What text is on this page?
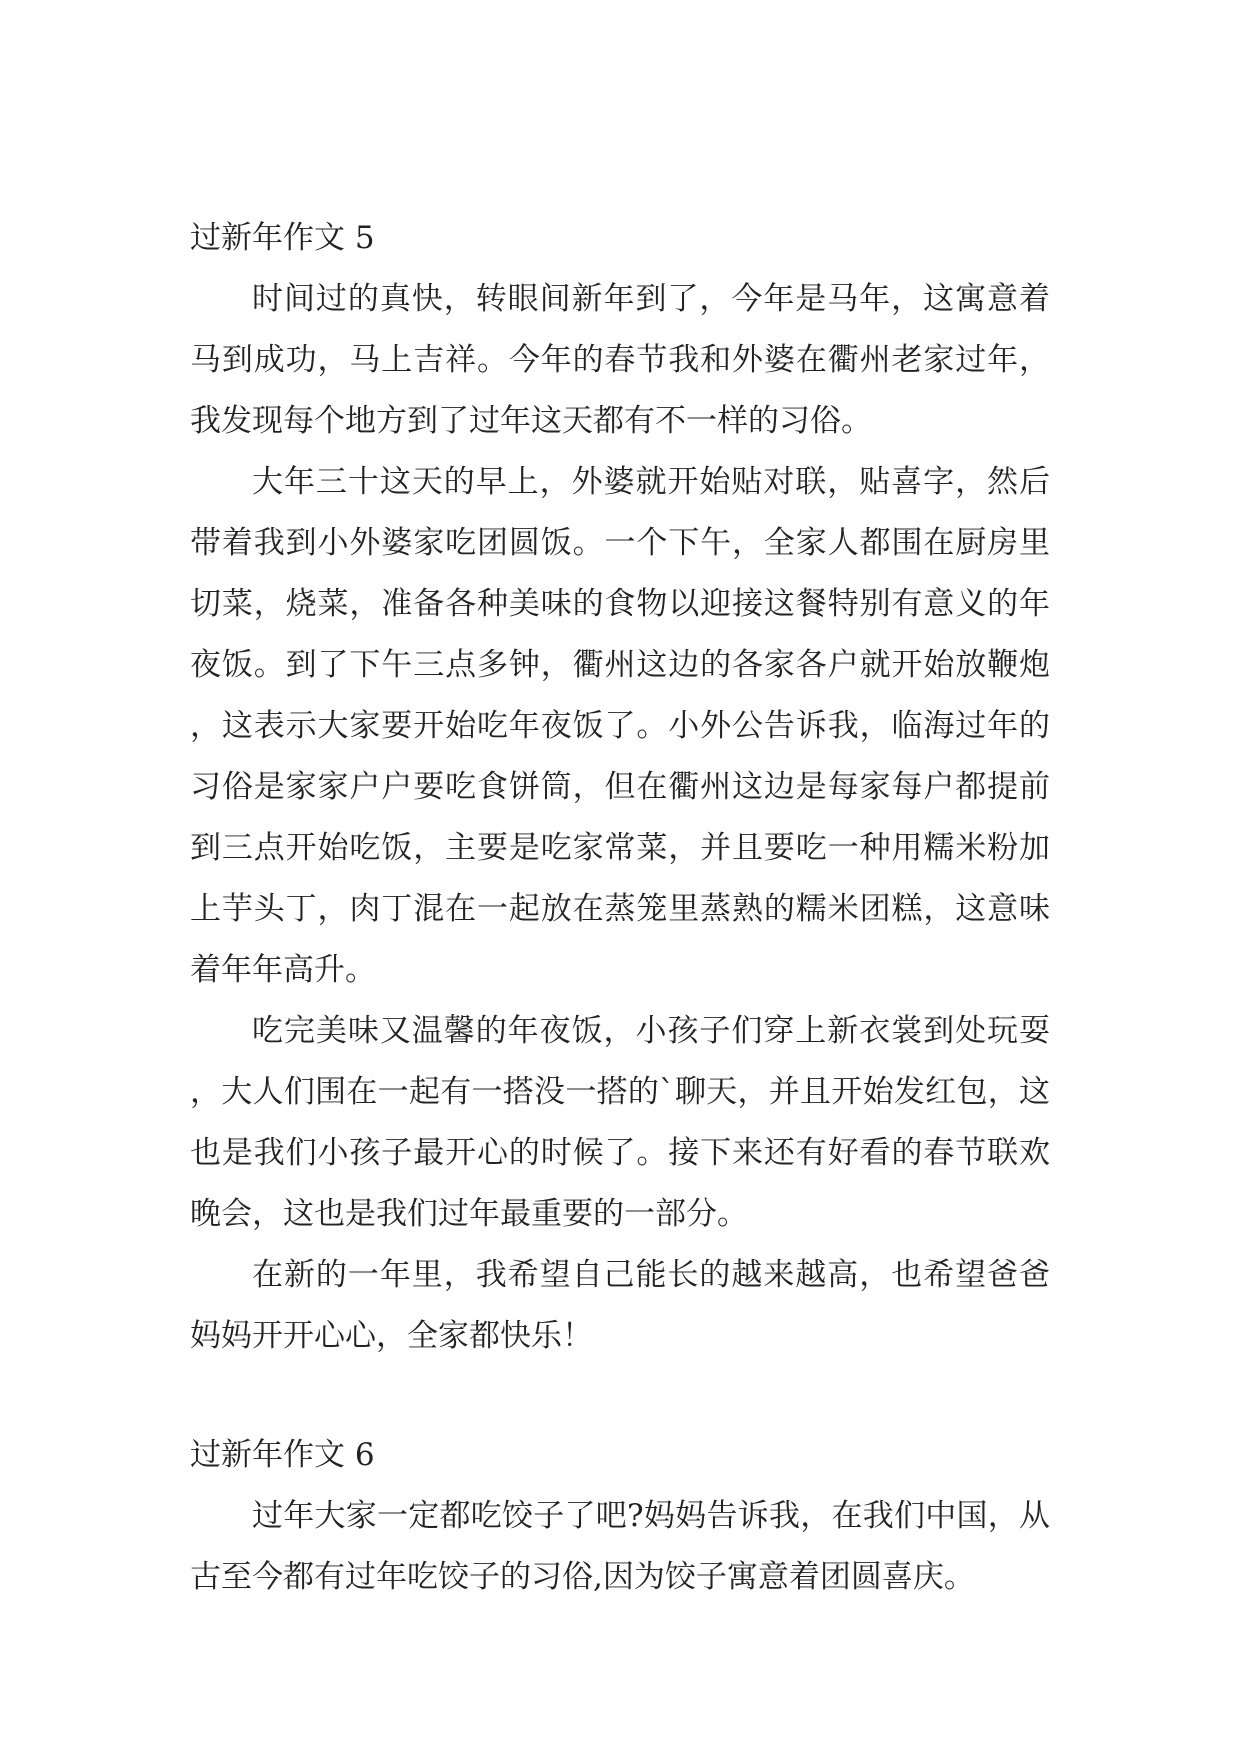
过新年作文 5

时间过的真快，转眼间新年到了，今年是马年，这寓意着马到成功，马上吉祥。今年的春节我和外婆在衢州老家过年，我发现每个地方到了过年这天都有不一样的习俗。

大年三十这天的早上，外婆就开始贴对联，贴喜字，然后带着我到小外婆家吃团圆饭。一个下午，全家人都围在厨房里切菜，烧菜，准备各种美味的食物以迎接这餐特别有意义的年夜饭。到了下午三点多钟，衢州这边的各家各户就开始放鞭炮，这表示大家要开始吃年夜饭了。小外公告诉我，临海过年的习俗是家家户户要吃食饼筒，但在衢州这边是每家每户都提前到三点开始吃饭，主要是吃家常菜，并且要吃一种用糯米粉加上芋头丁，肉丁混在一起放在蒸笼里蒸熟的糯米团糕，这意味着年年高升。

吃完美味又温馨的年夜饭，小孩子们穿上新衣裳到处玩耍，大人们围在一起有一搭没一搭的`聊天，并且开始发红包，这也是我们小孩子最开心的时候了。接下来还有好看的春节联欢晚会，这也是我们过年最重要的一部分。

在新的一年里，我希望自己能长的越来越高，也希望爸爸妈妈开开心心，全家都快乐！

过新年作文 6

过年大家一定都吃饺子了吧?妈妈告诉我，在我们中国，从古至今都有过年吃饺子的习俗,因为饺子寓意着团圆喜庆。
